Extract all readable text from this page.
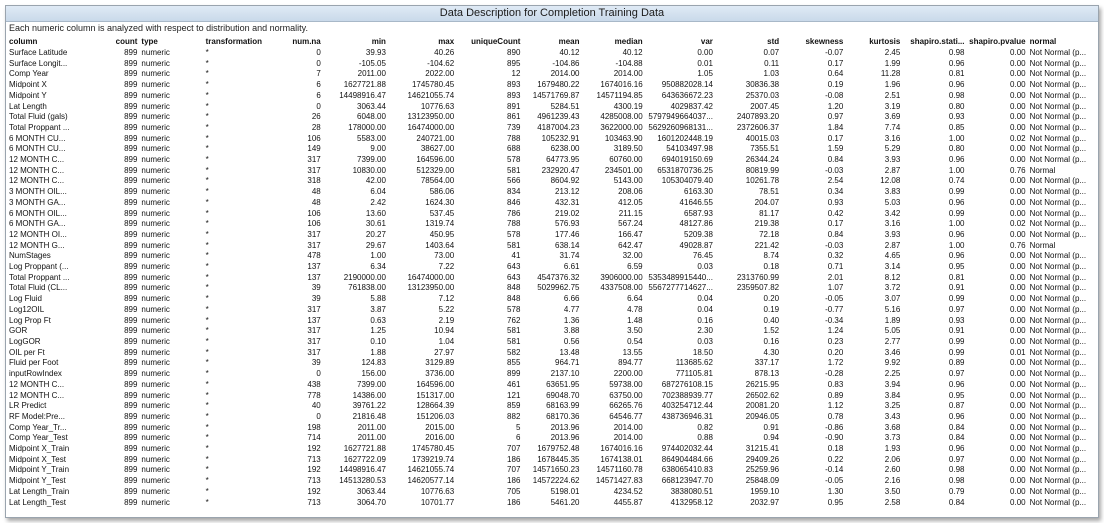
Data Description for Completion Training Data
Each numeric column is analyzed with respect to distribution and normality.
column	count	type	transformation	num.na	min	max	uniqueCount	mean	median	var	std	skewness	kurtosis	shapiro.stati...	shapiro.pvalue	normal
Surface Latitude	899	numeric	*	0	39.93	40.26	890	40.12	40.12	0.00	0.07	-0.07	2.45	0.98	0.00	Not Normal (p...
Surface Longit...	899	numeric	*	0	-105.05	-104.62	895	-104.86	-104.88	0.01	0.11	0.17	1.99	0.96	0.00	Not Normal (p...
Comp Year	899	numeric	*	7	2011.00	2022.00	12	2014.00	2014.00	1.05	1.03	0.64	11.28	0.81	0.00	Not Normal (p...
Midpoint X	899	numeric	*	6	1627721.88	1745780.45	893	1679480.22	1674016.16	950882028.14	30836.38	0.19	1.96	0.96	0.00	Not Normal (p...
Midpoint Y	899	numeric	*	6	14498916.47	14621055.74	893	14571769.87	14571194.85	643636672.23	25370.03	-0.08	2.51	0.98	0.00	Not Normal (p...
Lat Length	899	numeric	*	0	3063.44	10776.63	891	5284.51	4300.19	4029837.42	2007.45	1.20	3.19	0.80	0.00	Not Normal (p...
Total Fluid (gals)	899	numeric	*	26	6048.00	13123950.00	861	4961239.43	4285008.00	5797949664037...	2407893.20	0.97	3.69	0.93	0.00	Not Normal (p...
Total Proppant ...	899	numeric	*	28	178000.00	16474000.00	739	4187004.23	3622000.00	5629260968131...	2372606.37	1.84	7.74	0.85	0.00	Not Normal (p...
6 MONTH CU...	899	numeric	*	106	5583.00	240721.00	788	105232.91	103463.90	1601202448.19	40015.03	0.17	3.16	1.00	0.02	Not Normal (p...
6 MONTH CU...	899	numeric	*	149	9.00	38627.00	688	6238.00	3189.50	54103497.98	7355.51	1.59	5.29	0.80	0.00	Not Normal (p...
12 MONTH C...	899	numeric	*	317	7399.00	164596.00	578	64773.95	60760.00	694019150.69	26344.24	0.84	3.93	0.96	0.00	Not Normal (p...
12 MONTH C...	899	numeric	*	317	10830.00	512329.00	581	232920.47	234501.00	6531870736.25	80819.99	-0.03	2.87	1.00	0.76	Normal
12 MONTH C...	899	numeric	*	318	42.00	78564.00	566	8604.92	5143.00	105304079.40	10261.78	2.54	12.08	0.74	0.00	Not Normal (p...
3 MONTH OIL...	899	numeric	*	48	6.04	586.06	834	213.12	208.06	6163.30	78.51	0.34	3.83	0.99	0.00	Not Normal (p...
3 MONTH GA...	899	numeric	*	48	2.42	1624.30	846	432.31	412.05	41646.55	204.07	0.93	5.03	0.96	0.00	Not Normal (p...
6 MONTH OIL...	899	numeric	*	106	13.60	537.45	786	219.02	211.15	6587.93	81.17	0.42	3.42	0.99	0.00	Not Normal (p...
6 MONTH GA...	899	numeric	*	106	30.61	1319.74	788	576.93	567.24	48127.86	219.38	0.17	3.16	1.00	0.02	Not Normal (p...
12 MONTH OI...	899	numeric	*	317	20.27	450.95	578	177.46	166.47	5209.38	72.18	0.84	3.93	0.96	0.00	Not Normal (p...
12 MONTH G...	899	numeric	*	317	29.67	1403.64	581	638.14	642.47	49028.87	221.42	-0.03	2.87	1.00	0.76	Normal
NumStages	899	numeric	*	478	1.00	73.00	41	31.74	32.00	76.45	8.74	0.32	4.65	0.96	0.00	Not Normal (p...
Log Proppant (...	899	numeric	*	137	6.34	7.22	643	6.61	6.59	0.03	0.18	0.71	3.14	0.95	0.00	Not Normal (p...
Total Proppant ...	899	numeric	*	137	2190000.00	16474000.00	643	4547376.32	3906000.00	5353489915440...	2313760.99	2.01	8.12	0.81	0.00	Not Normal (p...
Total Fluid (CL...	899	numeric	*	39	761838.00	13123950.00	848	5029962.75	4337508.00	5567277714627...	2359507.82	1.07	3.72	0.91	0.00	Not Normal (p...
Log Fluid	899	numeric	*	39	5.88	7.12	848	6.66	6.64	0.04	0.20	-0.05	3.07	0.99	0.00	Not Normal (p...
Log12OIL	899	numeric	*	317	3.87	5.22	578	4.77	4.78	0.04	0.19	-0.77	5.16	0.97	0.00	Not Normal (p...
Log Prop Ft	899	numeric	*	137	0.63	2.19	762	1.36	1.48	0.16	0.40	-0.34	1.89	0.93	0.00	Not Normal (p...
GOR	899	numeric	*	317	1.25	10.94	581	3.88	3.50	2.30	1.52	1.24	5.05	0.91	0.00	Not Normal (p...
LogGOR	899	numeric	*	317	0.10	1.04	581	0.56	0.54	0.03	0.16	0.23	2.77	0.99	0.00	Not Normal (p...
OIL per Ft	899	numeric	*	317	1.88	27.97	582	13.48	13.55	18.50	4.30	0.20	3.46	0.99	0.01	Not Normal (p...
Fluid per Foot	899	numeric	*	39	124.83	3129.89	855	964.71	894.77	113685.62	337.17	1.72	9.92	0.89	0.00	Not Normal (p...
inputRowIndex	899	numeric	*	0	156.00	3736.00	899	2137.10	2200.00	771105.81	878.13	-0.28	2.25	0.97	0.00	Not Normal (p...
12 MONTH C...	899	numeric	*	438	7399.00	164596.00	461	63651.95	59738.00	687276108.15	26215.95	0.83	3.94	0.96	0.00	Not Normal (p...
12 MONTH C...	899	numeric	*	778	14386.00	151317.00	121	69048.70	63750.00	702388939.77	26502.62	0.89	3.84	0.95	0.00	Not Normal (p...
LR Predict	899	numeric	*	40	39761.22	128664.39	859	68163.99	66265.76	403254712.44	20081.20	1.12	3.25	0.87	0.00	Not Normal (p...
RF Model:Pre...	899	numeric	*	0	21816.48	151206.03	882	68170.36	64546.77	438736946.31	20946.05	0.78	3.43	0.96	0.00	Not Normal (p...
Comp Year_Tr...	899	numeric	*	198	2011.00	2015.00	5	2013.96	2014.00	0.82	0.91	-0.86	3.68	0.84	0.00	Not Normal (p...
Comp Year_Test	899	numeric	*	714	2011.00	2016.00	6	2013.96	2014.00	0.88	0.94	-0.90	3.73	0.84	0.00	Not Normal (p...
Midpoint X_Train	899	numeric	*	192	1627721.88	1745780.45	707	1679752.48	1674016.16	974402032.44	31215.41	0.18	1.93	0.96	0.00	Not Normal (p...
Midpoint X_Test	899	numeric	*	713	1627722.09	1739219.74	186	1678445.35	1674138.01	864904484.66	29409.26	0.22	2.06	0.97	0.00	Not Normal (p...
Midpoint Y_Train	899	numeric	*	192	14498916.47	14621055.74	707	14571650.23	14571160.78	638065410.83	25259.96	-0.14	2.60	0.98	0.00	Not Normal (p...
Midpoint Y_Test	899	numeric	*	713	14513280.53	14620577.14	186	14572224.62	14571427.83	668123947.70	25848.09	-0.05	2.16	0.98	0.00	Not Normal (p...
Lat Length_Train	899	numeric	*	192	3063.44	10776.63	705	5198.01	4234.52	3838080.51	1959.10	1.30	3.50	0.79	0.00	Not Normal (p...
Lat Length_Test	899	numeric	*	713	3064.70	10701.77	186	5461.20	4455.87	4132958.12	2032.97	0.95	2.58	0.84	0.00	Not Normal (p...
